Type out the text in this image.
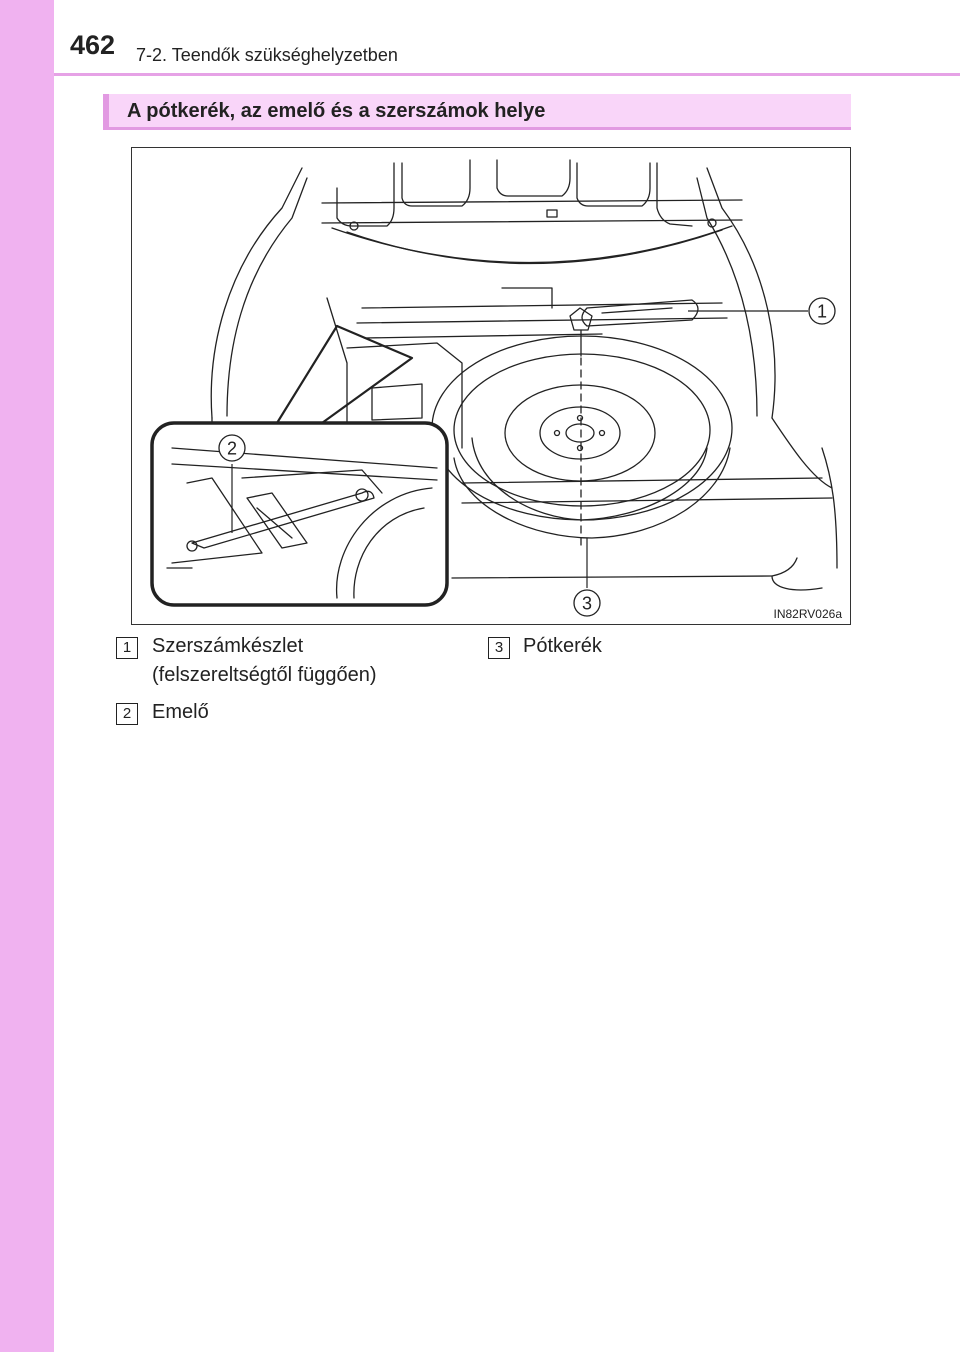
462 7-2. Teendők szükséghelyzetben
A pótkerék, az emelő és a szerszámok helye
1
2
3
IN82RV026a
1	Szerszámkészlet
(felszereltségtől függően)
2	Emelő
3 Pótkerék
